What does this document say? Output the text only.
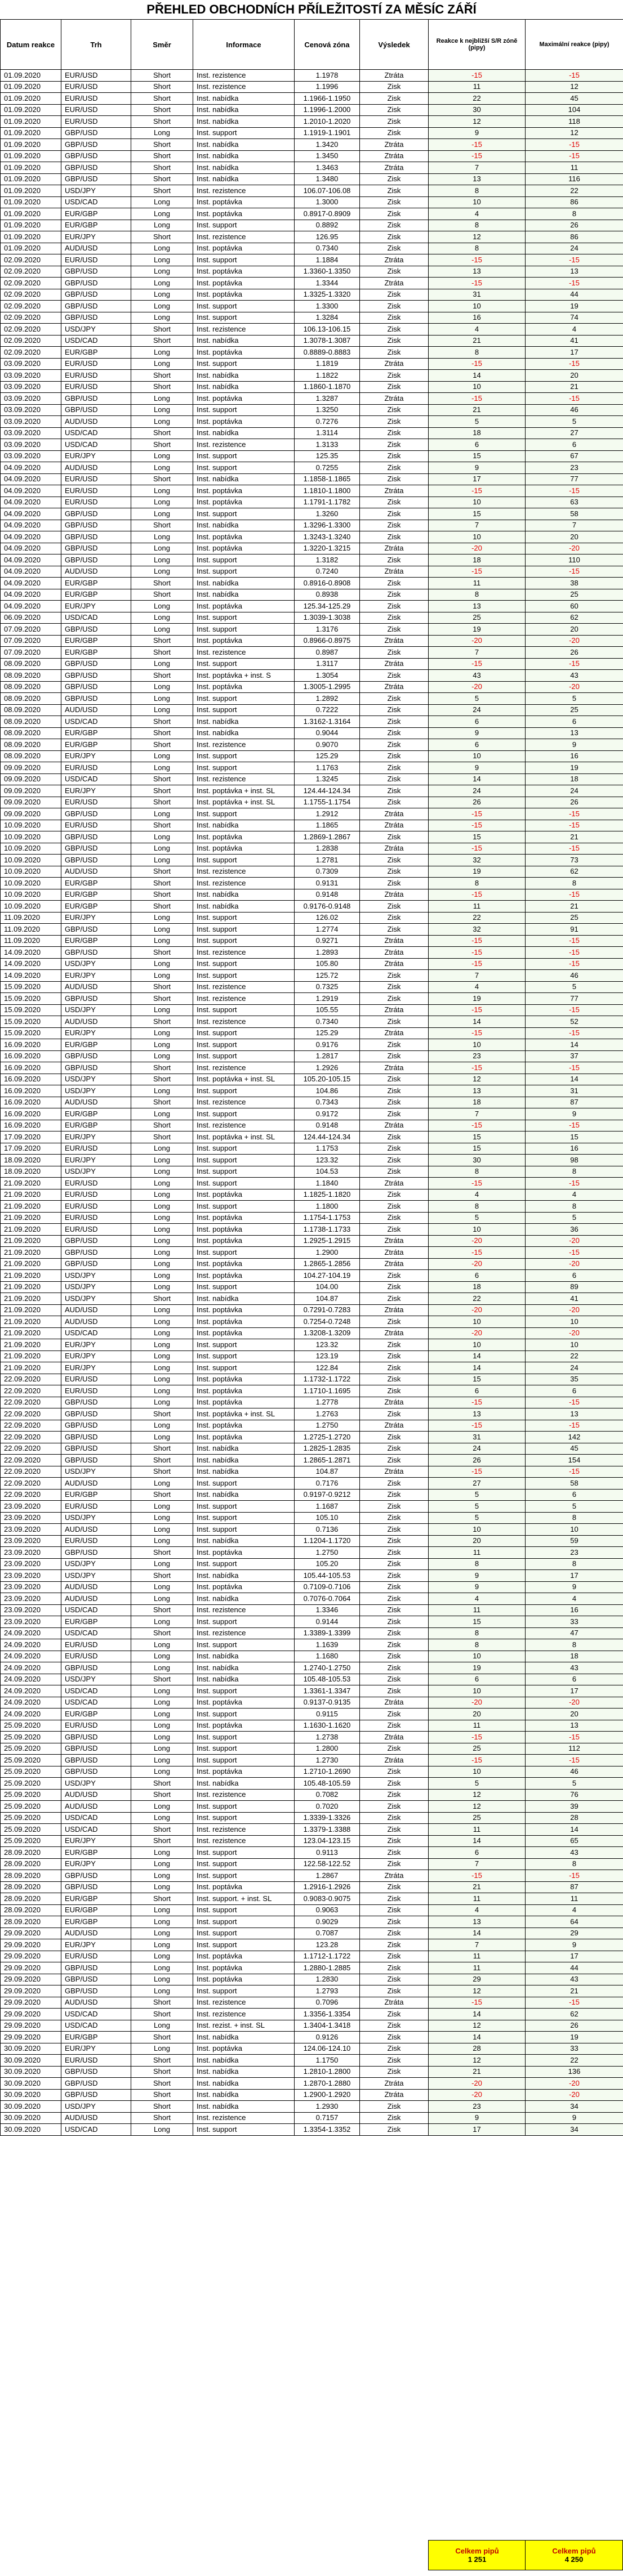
PŘEHLED OBCHODNÍCH PŘÍLEŽITOSTÍ ZA MĚSÍC ZÁŘÍ
Datum reakce	Trh	Směr	Informace	Cenová zóna	Výsledek	Reakce k nejbližší S/R zóně (pipy)	Maximální reakce (pipy)
01.09.2020	EUR/USD	Short	Inst. rezistence	1.1978	Ztráta	-15	-15
01.09.2020	EUR/USD	Short	Inst. rezistence	1.1996	Zisk	11	12
01.09.2020	EUR/USD	Short	Inst. nabídka	1.1966-1.1950	Zisk	22	45
01.09.2020	EUR/USD	Short	Inst. nabídka	1.1996-1.2000	Zisk	30	104
01.09.2020	EUR/USD	Short	Inst. nabídka	1.2010-1.2020	Zisk	12	118
01.09.2020	GBP/USD	Long	Inst. support	1.1919-1.1901	Zisk	9	12
01.09.2020	GBP/USD	Short	Inst. nabídka	1.3420	Ztráta	-15	-15
01.09.2020	GBP/USD	Short	Inst. nabídka	1.3450	Ztráta	-15	-15
01.09.2020	GBP/USD	Short	Inst. nabídka	1.3463	Ztráta	7	11
01.09.2020	GBP/USD	Short	Inst. nabídka	1.3480	Zisk	13	116
01.09.2020	USD/JPY	Short	Inst. rezistence	106.07-106.08	Zisk	8	22
01.09.2020	USD/CAD	Long	Inst. poptávka	1.3000	Zisk	10	86
01.09.2020	EUR/GBP	Long	Inst. poptávka	0.8917-0.8909	Zisk	4	8
01.09.2020	EUR/GBP	Long	Inst. support	0.8892	Zisk	8	26
01.09.2020	EUR/JPY	Short	Inst. rezistence	126.95	Zisk	12	86
01.09.2020	AUD/USD	Long	Inst. poptávka	0.7340	Zisk	8	24
02.09.2020	EUR/USD	Long	Inst. support	1.1884	Ztráta	-15	-15
02.09.2020	GBP/USD	Long	Inst. poptávka	1.3360-1.3350	Zisk	13	13
02.09.2020	GBP/USD	Long	Inst. poptávka	1.3344	Ztráta	-15	-15
02.09.2020	GBP/USD	Long	Inst. poptávka	1.3325-1.3320	Zisk	31	44
02.09.2020	GBP/USD	Long	Inst. support	1.3300	Zisk	10	19
02.09.2020	GBP/USD	Long	Inst. support	1.3284	Zisk	16	74
02.09.2020	USD/JPY	Short	Inst. rezistence	106.13-106.15	Zisk	4	4
02.09.2020	USD/CAD	Short	Inst. nabídka	1.3078-1.3087	Zisk	21	41
02.09.2020	EUR/GBP	Long	Inst. poptávka	0.8889-0.8883	Zisk	8	17
03.09.2020	EUR/USD	Long	Inst. support	1.1819	Ztráta	-15	-15
03.09.2020	EUR/USD	Short	Inst. nabídka	1.1822	Zisk	14	20
03.09.2020	EUR/USD	Short	Inst. nabídka	1.1860-1.1870	Zisk	10	21
03.09.2020	GBP/USD	Long	Inst. poptávka	1.3287	Ztráta	-15	-15
03.09.2020	GBP/USD	Long	Inst. support	1.3250	Zisk	21	46
03.09.2020	AUD/USD	Long	Inst. poptávka	0.7276	Zisk	5	5
03.09.2020	USD/CAD	Short	Inst. nabídka	1.3114	Zisk	18	27
03.09.2020	USD/CAD	Short	Inst. rezistence	1.3133	Zisk	6	6
03.09.2020	EUR/JPY	Long	Inst. support	125.35	Zisk	15	67
04.09.2020	AUD/USD	Long	Inst. support	0.7255	Zisk	9	23
04.09.2020	EUR/USD	Short	Inst. nabídka	1.1858-1.1865	Zisk	17	77
04.09.2020	EUR/USD	Long	Inst. poptávka	1.1810-1.1800	Ztráta	-15	-15
04.09.2020	EUR/USD	Long	Inst. poptávka	1.1791-1.1782	Zisk	10	63
04.09.2020	GBP/USD	Long	Inst. support	1.3260	Zisk	15	58
04.09.2020	GBP/USD	Short	Inst. nabídka	1.3296-1.3300	Zisk	7	7
04.09.2020	GBP/USD	Long	Inst. poptávka	1.3243-1.3240	Zisk	10	20
04.09.2020	GBP/USD	Long	Inst. poptávka	1.3220-1.3215	Ztráta	-20	-20
04.09.2020	GBP/USD	Long	Inst. support	1.3182	Zisk	18	110
04.09.2020	AUD/USD	Long	Inst. support	0.7240	Ztráta	-15	-15
04.09.2020	EUR/GBP	Short	Inst. nabídka	0.8916-0.8908	Zisk	11	38
04.09.2020	EUR/GBP	Short	Inst. nabídka	0.8938	Zisk	8	25
04.09.2020	EUR/JPY	Long	Inst. poptávka	125.34-125.29	Zisk	13	60
06.09.2020	USD/CAD	Long	Inst. support	1.3039-1.3038	Zisk	25	62
07.09.2020	GBP/USD	Long	Inst. support	1.3176	Zisk	19	20
07.09.2020	EUR/GBP	Short	Inst. poptávka	0.8966-0.8975	Ztráta	-20	-20
07.09.2020	EUR/GBP	Short	Inst. rezistence	0.8987	Zisk	7	26
08.09.2020	GBP/USD	Long	Inst. support	1.3117	Ztráta	-15	-15
08.09.2020	GBP/USD	Short	Inst. poptávka + inst. S	1.3054	Zisk	43	43
08.09.2020	GBP/USD	Long	Inst. poptávka	1.3005-1.2995	Ztráta	-20	-20
08.09.2020	GBP/USD	Long	Inst. support	1.2892	Zisk	5	5
08.09.2020	AUD/USD	Long	Inst. support	0.7222	Zisk	24	25
08.09.2020	USD/CAD	Short	Inst. nabídka	1.3162-1.3164	Zisk	6	6
08.09.2020	EUR/GBP	Short	Inst. nabídka	0.9044	Zisk	9	13
08.09.2020	EUR/GBP	Short	Inst. rezistence	0.9070	Zisk	6	9
08.09.2020	EUR/JPY	Long	Inst. support	125.29	Zisk	10	16
09.09.2020	EUR/USD	Long	Inst. support	1.1763	Zisk	9	19
09.09.2020	USD/CAD	Short	Inst. rezistence	1.3245	Zisk	14	18
09.09.2020	EUR/JPY	Short	Inst. poptávka + inst. SL	124.44-124.34	Zisk	24	24
09.09.2020	EUR/USD	Short	Inst. poptávka + inst. SL	1.1755-1.1754	Zisk	26	26
09.09.2020	GBP/USD	Long	Inst. support	1.2912	Ztráta	-15	-15
10.09.2020	EUR/USD	Short	Inst. nabídka	1.1865	Ztráta	-15	-15
10.09.2020	GBP/USD	Long	Inst. poptávka	1.2869-1.2867	Zisk	15	21
10.09.2020	GBP/USD	Long	Inst. poptávka	1.2838	Ztráta	-15	-15
10.09.2020	GBP/USD	Long	Inst. support	1.2781	Zisk	32	73
10.09.2020	AUD/USD	Short	Inst. rezistence	0.7309	Zisk	19	62
10.09.2020	EUR/GBP	Short	Inst. rezistence	0.9131	Zisk	8	8
10.09.2020	EUR/GBP	Short	Inst. nabídka	0.9148	Ztráta	-15	-15
10.09.2020	EUR/GBP	Short	Inst. nabídka	0.9176-0.9148	Zisk	11	21
11.09.2020	EUR/JPY	Long	Inst. support	126.02	Zisk	22	25
11.09.2020	GBP/USD	Long	Inst. support	1.2774	Zisk	32	91
11.09.2020	EUR/GBP	Long	Inst. support	0.9271	Ztráta	-15	-15
14.09.2020	GBP/USD	Short	Inst. rezistence	1.2893	Ztráta	-15	-15
14.09.2020	USD/JPY	Long	Inst. support	105.80	Ztráta	-15	-15
14.09.2020	EUR/JPY	Long	Inst. support	125.72	Zisk	7	46
15.09.2020	AUD/USD	Short	Inst. rezistence	0.7325	Zisk	4	5
15.09.2020	GBP/USD	Short	Inst. rezistence	1.2919	Zisk	19	77
15.09.2020	USD/JPY	Long	Inst. support	105.55	Ztráta	-15	-15
15.09.2020	AUD/USD	Short	Inst. rezistence	0.7340	Zisk	14	52
15.09.2020	EUR/JPY	Long	Inst. support	125.29	Ztráta	-15	-15
16.09.2020	EUR/GBP	Long	Inst. support	0.9176	Zisk	10	14
16.09.2020	GBP/USD	Long	Inst. support	1.2817	Zisk	23	37
16.09.2020	GBP/USD	Short	Inst. rezistence	1.2926	Ztráta	-15	-15
16.09.2020	USD/JPY	Short	Inst. poptávka + inst. SL	105.20-105.15	Zisk	12	14
16.09.2020	USD/JPY	Long	Inst. support	104.86	Zisk	13	31
16.09.2020	AUD/USD	Short	Inst. rezistence	0.7343	Zisk	18	87
16.09.2020	EUR/GBP	Long	Inst. support	0.9172	Zisk	7	9
16.09.2020	EUR/GBP	Short	Inst. rezistence	0.9148	Ztráta	-15	-15
17.09.2020	EUR/JPY	Short	Inst. poptávka + inst. SL	124.44-124.34	Zisk	15	15
17.09.2020	EUR/USD	Long	Inst. support	1.1753	Zisk	15	16
18.09.2020	EUR/JPY	Long	Inst. support	123.32	Zisk	30	98
18.09.2020	USD/JPY	Long	Inst. support	104.53	Zisk	8	8
21.09.2020	EUR/USD	Long	Inst. support	1.1840	Ztráta	-15	-15
21.09.2020	EUR/USD	Long	Inst. poptávka	1.1825-1.1820	Zisk	4	4
21.09.2020	EUR/USD	Long	Inst. support	1.1800	Zisk	8	8
21.09.2020	EUR/USD	Long	Inst. poptávka	1.1754-1.1753	Zisk	5	5
21.09.2020	EUR/USD	Long	Inst. poptávka	1.1738-1.1733	Zisk	10	36
21.09.2020	GBP/USD	Long	Inst. poptávka	1.2925-1.2915	Ztráta	-20	-20
21.09.2020	GBP/USD	Long	Inst. support	1.2900	Ztráta	-15	-15
21.09.2020	GBP/USD	Long	Inst. poptávka	1.2865-1.2856	Ztráta	-20	-20
21.09.2020	USD/JPY	Long	Inst. poptávka	104.27-104.19	Zisk	6	6
21.09.2020	USD/JPY	Long	Inst. support	104.00	Zisk	18	89
21.09.2020	USD/JPY	Short	Inst. nabídka	104.87	Zisk	22	41
21.09.2020	AUD/USD	Long	Inst. poptávka	0.7291-0.7283	Ztráta	-20	-20
21.09.2020	AUD/USD	Long	Inst. poptávka	0.7254-0.7248	Zisk	10	10
21.09.2020	USD/CAD	Long	Inst. poptávka	1.3208-1.3209	Ztráta	-20	-20
21.09.2020	EUR/JPY	Long	Inst. support	123.32	Zisk	10	10
21.09.2020	EUR/JPY	Long	Inst. support	123.19	Zisk	14	22
21.09.2020	EUR/JPY	Long	Inst. support	122.84	Zisk	14	24
22.09.2020	EUR/USD	Long	Inst. poptávka	1.1732-1.1722	Zisk	15	35
22.09.2020	EUR/USD	Long	Inst. poptávka	1.1710-1.1695	Zisk	6	6
22.09.2020	GBP/USD	Long	Inst. poptávka	1.2778	Ztráta	-15	-15
22.09.2020	GBP/USD	Short	Inst. poptávka + inst. SL	1.2763	Zisk	13	13
22.09.2020	GBP/USD	Long	Inst. poptávka	1.2750	Ztráta	-15	-15
22.09.2020	GBP/USD	Long	Inst. poptávka	1.2725-1.2720	Zisk	31	142
22.09.2020	GBP/USD	Short	Inst. nabídka	1.2825-1.2835	Zisk	24	45
22.09.2020	GBP/USD	Short	Inst. nabídka	1.2865-1.2871	Zisk	26	154
22.09.2020	USD/JPY	Short	Inst. nabídka	104.87	Ztráta	-15	-15
22.09.2020	AUD/USD	Long	Inst. support	0.7176	Zisk	27	58
22.09.2020	EUR/GBP	Short	Inst. nabídka	0.9197-0.9212	Zisk	5	6
23.09.2020	EUR/USD	Long	Inst. support	1.1687	Zisk	5	5
23.09.2020	USD/JPY	Long	Inst. support	105.10	Zisk	5	8
23.09.2020	AUD/USD	Long	Inst. support	0.7136	Zisk	10	10
23.09.2020	EUR/USD	Long	Inst. nabídka	1.1204-1.1720	Zisk	20	59
23.09.2020	GBP/USD	Short	Inst. poptávka	1.2750	Zisk	11	23
23.09.2020	USD/JPY	Long	Inst. support	105.20	Zisk	8	8
23.09.2020	USD/JPY	Short	Inst. nabídka	105.44-105.53	Zisk	9	17
23.09.2020	AUD/USD	Long	Inst. poptávka	0.7109-0.7106	Zisk	9	9
23.09.2020	AUD/USD	Long	Inst. nabídka	0.7076-0.7064	Zisk	4	4
23.09.2020	USD/CAD	Short	Inst. rezistence	1.3346	Zisk	11	16
23.09.2020	EUR/GBP	Long	Inst. support	0.9144	Zisk	15	33
24.09.2020	USD/CAD	Short	Inst. rezistence	1.3389-1.3399	Zisk	8	47
24.09.2020	EUR/USD	Long	Inst. support	1.1639	Zisk	8	8
24.09.2020	EUR/USD	Long	Inst. nabídka	1.1680	Zisk	10	18
24.09.2020	GBP/USD	Long	Inst. nabídka	1.2740-1.2750	Zisk	19	43
24.09.2020	USD/JPY	Short	Inst. nabídka	105.48-105.53	Zisk	6	6
24.09.2020	USD/CAD	Long	Inst. support	1.3361-1.3347	Zisk	10	17
24.09.2020	USD/CAD	Long	Inst. poptávka	0.9137-0.9135	Ztráta	-20	-20
24.09.2020	EUR/GBP	Long	Inst. support	0.9115	Zisk	20	20
25.09.2020	EUR/USD	Long	Inst. poptávka	1.1630-1.1620	Zisk	11	13
25.09.2020	GBP/USD	Long	Inst. support	1.2738	Ztráta	-15	-15
25.09.2020	GBP/USD	Long	Inst. support	1.2800	Zisk	25	112
25.09.2020	GBP/USD	Long	Inst. support	1.2730	Ztráta	-15	-15
25.09.2020	GBP/USD	Long	Inst. poptávka	1.2710-1.2690	Zisk	10	46
25.09.2020	USD/JPY	Short	Inst. nabídka	105.48-105.59	Zisk	5	5
25.09.2020	AUD/USD	Short	Inst. rezistence	0.7082	Zisk	12	76
25.09.2020	AUD/USD	Long	Inst. support	0.7020	Zisk	12	39
25.09.2020	USD/CAD	Long	Inst. support	1.3339-1.3326	Zisk	25	28
25.09.2020	USD/CAD	Short	Inst. rezistence	1.3379-1.3388	Zisk	11	14
25.09.2020	EUR/JPY	Short	Inst. rezistence	123.04-123.15	Zisk	14	65
28.09.2020	EUR/GBP	Long	Inst. support	0.9113	Zisk	6	43
28.09.2020	EUR/JPY	Long	Inst. support	122.58-122.52	Zisk	7	8
28.09.2020	GBP/USD	Long	Inst. support	1.2867	Ztráta	-15	-15
28.09.2020	GBP/USD	Long	Inst. poptávka	1.2916-1.2926	Zisk	21	87
28.09.2020	EUR/GBP	Short	Inst. support. + inst. SL	0.9083-0.9075	Zisk	11	11
28.09.2020	EUR/GBP	Long	Inst. support	0.9063	Zisk	4	4
28.09.2020	EUR/GBP	Long	Inst. support	0.9029	Zisk	13	64
29.09.2020	AUD/USD	Long	Inst. support	0.7087	Zisk	14	29
29.09.2020	EUR/JPY	Long	Inst. support	123.28	Zisk	7	9
29.09.2020	EUR/USD	Long	Inst. poptávka	1.1712-1.1722	Zisk	11	17
29.09.2020	GBP/USD	Long	Inst. poptávka	1.2880-1.2885	Zisk	11	44
29.09.2020	GBP/USD	Long	Inst. poptávka	1.2830	Zisk	29	43
29.09.2020	GBP/USD	Long	Inst. support	1.2793	Zisk	12	21
29.09.2020	AUD/USD	Short	Inst. rezistence	0.7096	Ztráta	-15	-15
29.09.2020	USD/CAD	Short	Inst. rezistence	1.3356-1.3354	Zisk	14	62
29.09.2020	USD/CAD	Long	Inst. rezist. + inst. SL	1.3404-1.3418	Zisk	12	26
29.09.2020	EUR/GBP	Short	Inst. nabídka	0.9126	Zisk	14	19
30.09.2020	EUR/JPY	Long	Inst. poptávka	124.06-124.10	Zisk	28	33
30.09.2020	EUR/USD	Short	Inst. nabídka	1.1750	Zisk	12	22
30.09.2020	GBP/USD	Short	Inst. nabídka	1.2810-1.2800	Zisk	21	136
30.09.2020	GBP/USD	Short	Inst. nabídka	1.2870-1.2880	Ztráta	-20	-20
30.09.2020	GBP/USD	Short	Inst. nabídka	1.2900-1.2920	Ztráta	-20	-20
30.09.2020	USD/JPY	Short	Inst. nabídka	1.2930	Zisk	23	34
30.09.2020	AUD/USD	Short	Inst. rezistence	0.7157	Zisk	9	9
30.09.2020	USD/CAD	Long	Inst. support	1.3354-1.3352	Zisk	17	34
Celkem pipů
1 251
Celkem pipů
4 250
